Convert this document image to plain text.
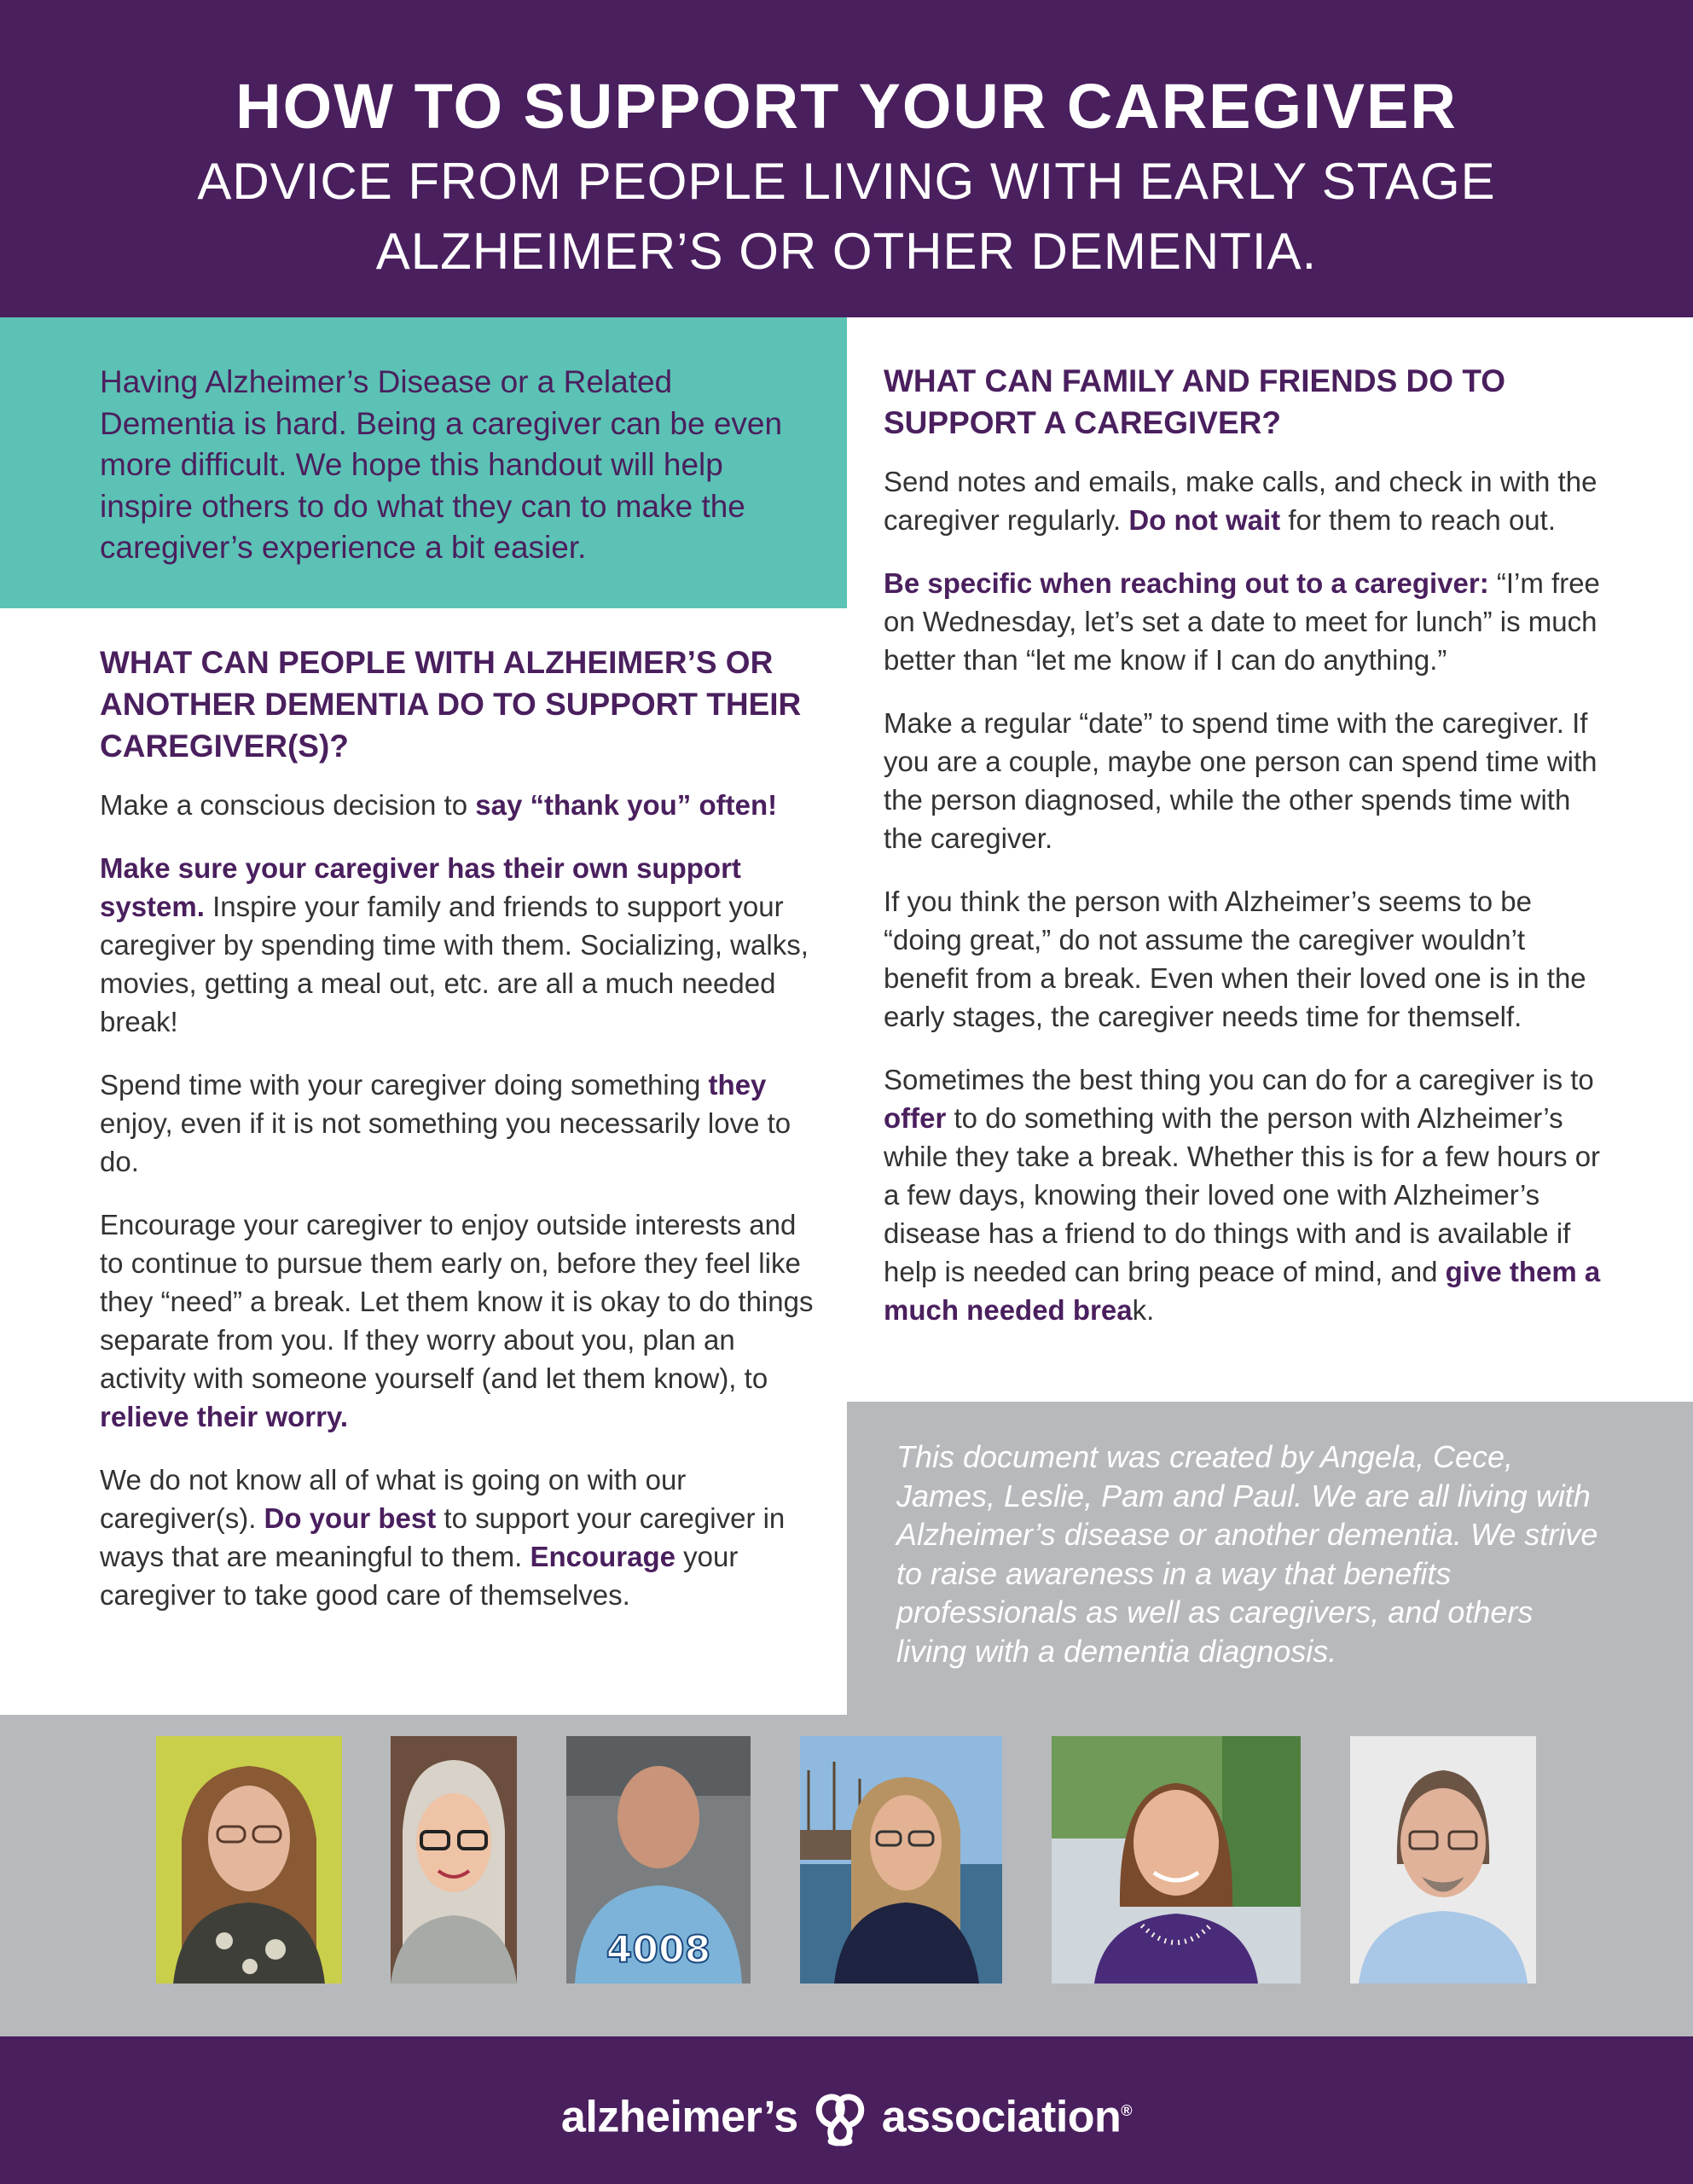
HOW TO SUPPORT YOUR CAREGIVER
ADVICE FROM PEOPLE LIVING WITH EARLY STAGE ALZHEIMER’S OR OTHER DEMENTIA.

Having Alzheimer’s Disease or a Related Dementia is hard. Being a caregiver can be even more difficult. We hope this handout will help inspire others to do what they can to make the caregiver’s experience a bit easier.

WHAT CAN PEOPLE WITH ALZHEIMER’S OR ANOTHER DEMENTIA DO TO SUPPORT THEIR CAREGIVER(S)?

Make a conscious decision to say “thank you” often!

Make sure your caregiver has their own support system. Inspire your family and friends to support your caregiver by spending time with them. Socializing, walks, movies, getting a meal out, etc. are all a much needed break!

Spend time with your caregiver doing something they enjoy, even if it is not something you necessarily love to do.

Encourage your caregiver to enjoy outside interests and to continue to pursue them early on, before they feel like they “need” a break. Let them know it is okay to do things separate from you. If they worry about you, plan an activity with someone yourself (and let them know), to relieve their worry.

We do not know all of what is going on with our caregiver(s). Do your best to support your caregiver in ways that are meaningful to them. Encourage your caregiver to take good care of themselves.

WHAT CAN FAMILY AND FRIENDS DO TO SUPPORT A CAREGIVER?

Send notes and emails, make calls, and check in with the caregiver regularly. Do not wait for them to reach out.

Be specific when reaching out to a caregiver: “I’m free on Wednesday, let’s set a date to meet for lunch” is much better than “let me know if I can do anything.”

Make a regular “date” to spend time with the caregiver. If you are a couple, maybe one person can spend time with the person diagnosed, while the other spends time with the caregiver.

If you think the person with Alzheimer’s seems to be “doing great,” do not assume the caregiver wouldn’t benefit from a break. Even when their loved one is in the early stages, the caregiver needs time for themself.

Sometimes the best thing you can do for a caregiver is to offer to do something with the person with Alzheimer’s while they take a break. Whether this is for a few hours or a few days, knowing their loved one with Alzheimer’s disease has a friend to do things with and is available if help is needed can bring peace of mind, and give them a much needed break.

This document was created by Angela, Cece, James, Leslie, Pam and Paul. We are all living with Alzheimer’s disease or another dementia. We strive to raise awareness in a way that benefits professionals as well as caregivers, and others living with a dementia diagnosis.

4008
alzheimer’s association®
